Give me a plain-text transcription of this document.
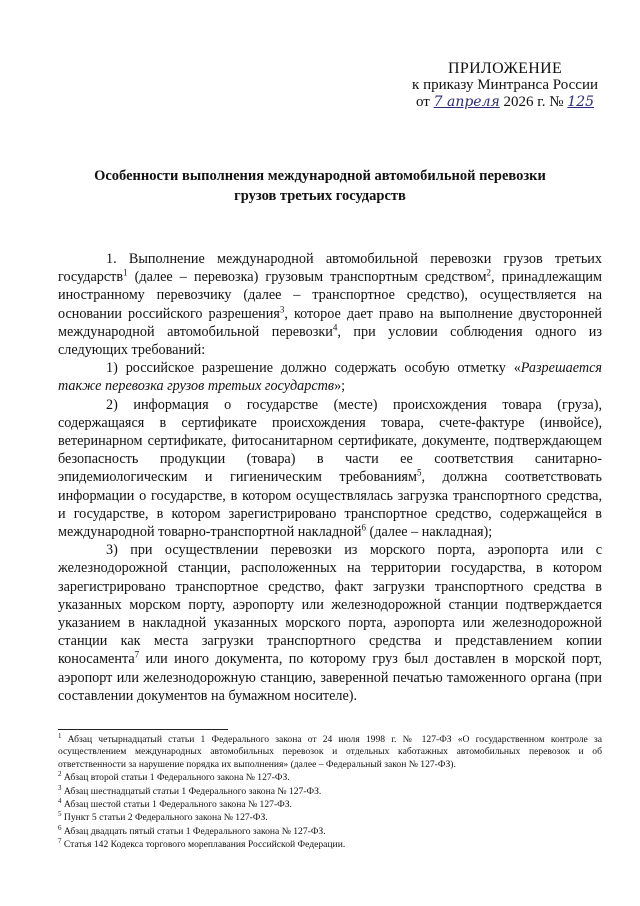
ПРИЛОЖЕНИЕ
к приказу Минтранса России
от 7 апреля 2026 г. № 125
Особенности выполнения международной автомобильной перевозки
грузов третьих государств

1. Выполнение международной автомобильной перевозки грузов третьих государств$^1$ (далее – перевозка) грузовым транспортным средством$^2$, принадлежащим иностранному перевозчику (далее – транспортное средство), осуществляется на основании российского разрешения$^3$, которое дает право на выполнение двусторонней международной автомобильной перевозки$^4$, при условии соблюдения одного из следующих требований:

1) российское разрешение должно содержать особую отметку «Разрешается также перевозка грузов третьих государств»;

2) информация о государстве (месте) происхождения товара (груза), содержащаяся в сертификате происхождения товара, счете-фактуре (инвойсе), ветеринарном сертификате, фитосанитарном сертификате, документе, подтверждающем безопасность продукции (товара) в части ее соответствия санитарно-эпидемиологическим и гигиеническим требованиям$^5$, должна соответствовать информации о государстве, в котором осуществлялась загрузка транспортного средства, и государстве, в котором зарегистрировано транспортное средство, содержащейся в международной товарно-транспортной накладной$^6$ (далее – накладная);

3) при осуществлении перевозки из морского порта, аэропорта или с железнодорожной станции, расположенных на территории государства, в котором зарегистрировано транспортное средство, факт загрузки транспортного средства в указанных морском порту, аэропорту или железнодорожной станции подтверждается указанием в накладной указанных морского порта, аэропорта или железнодорожной станции как места загрузки транспортного средства и представлением копии коносамента$^7$ или иного документа, по которому груз был доставлен в морской порт, аэропорт или железнодорожную станцию, заверенной печатью таможенного органа (при составлении документов на бумажном носителе).

$^1$ Абзац четырнадцатый статьи 1 Федерального закона от 24 июля 1998 г. № 127-ФЗ «О государственном контроле за осуществлением международных автомобильных перевозок и отдельных каботажных автомобильных перевозок и об ответственности за нарушение порядка их выполнения» (далее – Федеральный закон № 127-ФЗ).
$^2$ Абзац второй статьи 1 Федерального закона № 127-ФЗ.
$^3$ Абзац шестнадцатый статьи 1 Федерального закона № 127-ФЗ.
$^4$ Абзац шестой статьи 1 Федерального закона № 127-ФЗ.
$^5$ Пункт 5 статьи 2 Федерального закона № 127-ФЗ.
$^6$ Абзац двадцать пятый статьи 1 Федерального закона № 127-ФЗ.
$^7$ Статья 142 Кодекса торгового мореплавания Российской Федерации.
